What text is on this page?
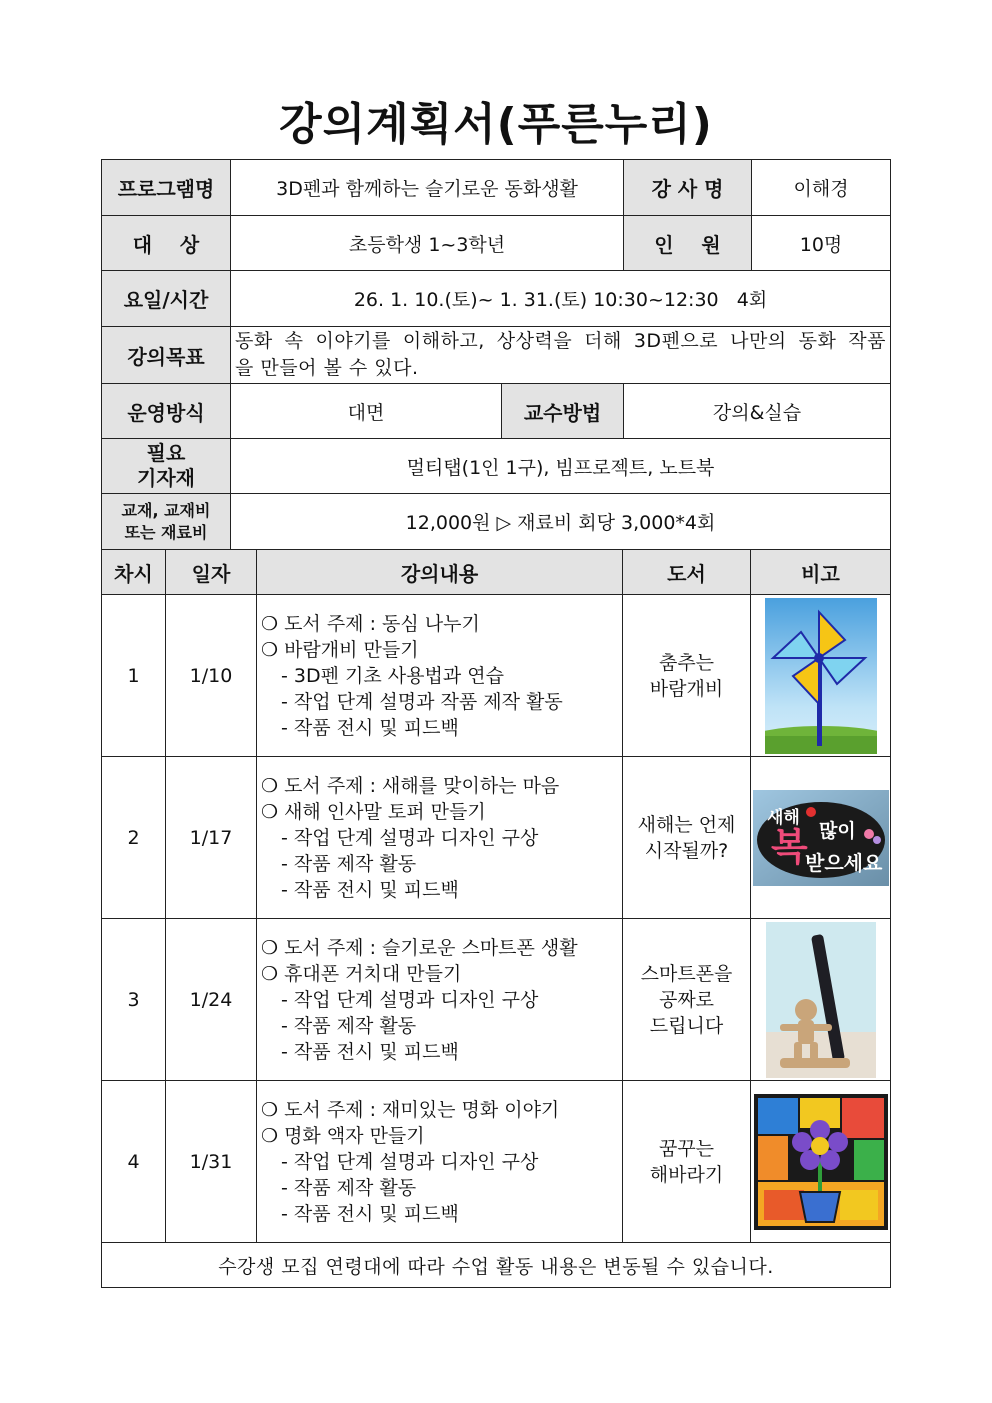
강의계획서(푸른누리)
프로그램명	3D펜과 함께하는 슬기로운 동화생활		강 사 명	이해경
대    상	초등학생 1~3학년		인    원	10명
요일/시간	26. 1. 10.(토)~ 1. 31.(토) 10:30~12:30   4회			
강의목표	동화 속 이야기를 이해하고, 상상력을 더해 3D펜으로 나만의 동화 작품
을 만들어 볼 수 있다.			

운영방식	대면	교수방법	강의&실습	

필요
기자재	멀티탭(1인 1구), 빔프로젝트, 노트북			

교재, 교재비
또는 재료비	12,000원 ▷ 재료비 회당 3,000*4회			
차시	일자	강의내용	도서	비고
1	1/10	❍ 도서 주제 : 동심 나누기
❍ 바람개비 만들기
- 3D펜 기초 사용법과 연습
- 작업 단계 설명과 작품 제작 활동
- 작품 전시 및 피드백	춤추는
바람개비

2	1/17	❍ 도서 주제 : 새해를 맞이하는 마음
❍ 새해 인사말 토퍼 만들기
- 작업 단계 설명과 디자인 구상
- 작품 제작 활동
- 작품 전시 및 피드백	새해는 언제
시작될까?	새해
복 많이
받으세요

3	1/24	❍ 도서 주제 : 슬기로운 스마트폰 생활
❍ 휴대폰 거치대 만들기
- 작업 단계 설명과 디자인 구상
- 작품 제작 활동
- 작품 전시 및 피드백	스마트폰을
공짜로
드립니다

4	1/31	❍ 도서 주제 : 재미있는 명화 이야기
❍ 명화 액자 만들기
- 작업 단계 설명과 디자인 구상
- 작품 제작 활동
- 작품 전시 및 피드백	꿈꾸는
해바라기

수강생 모집 연령대에 따라 수업 활동 내용은 변동될 수 있습니다.				
